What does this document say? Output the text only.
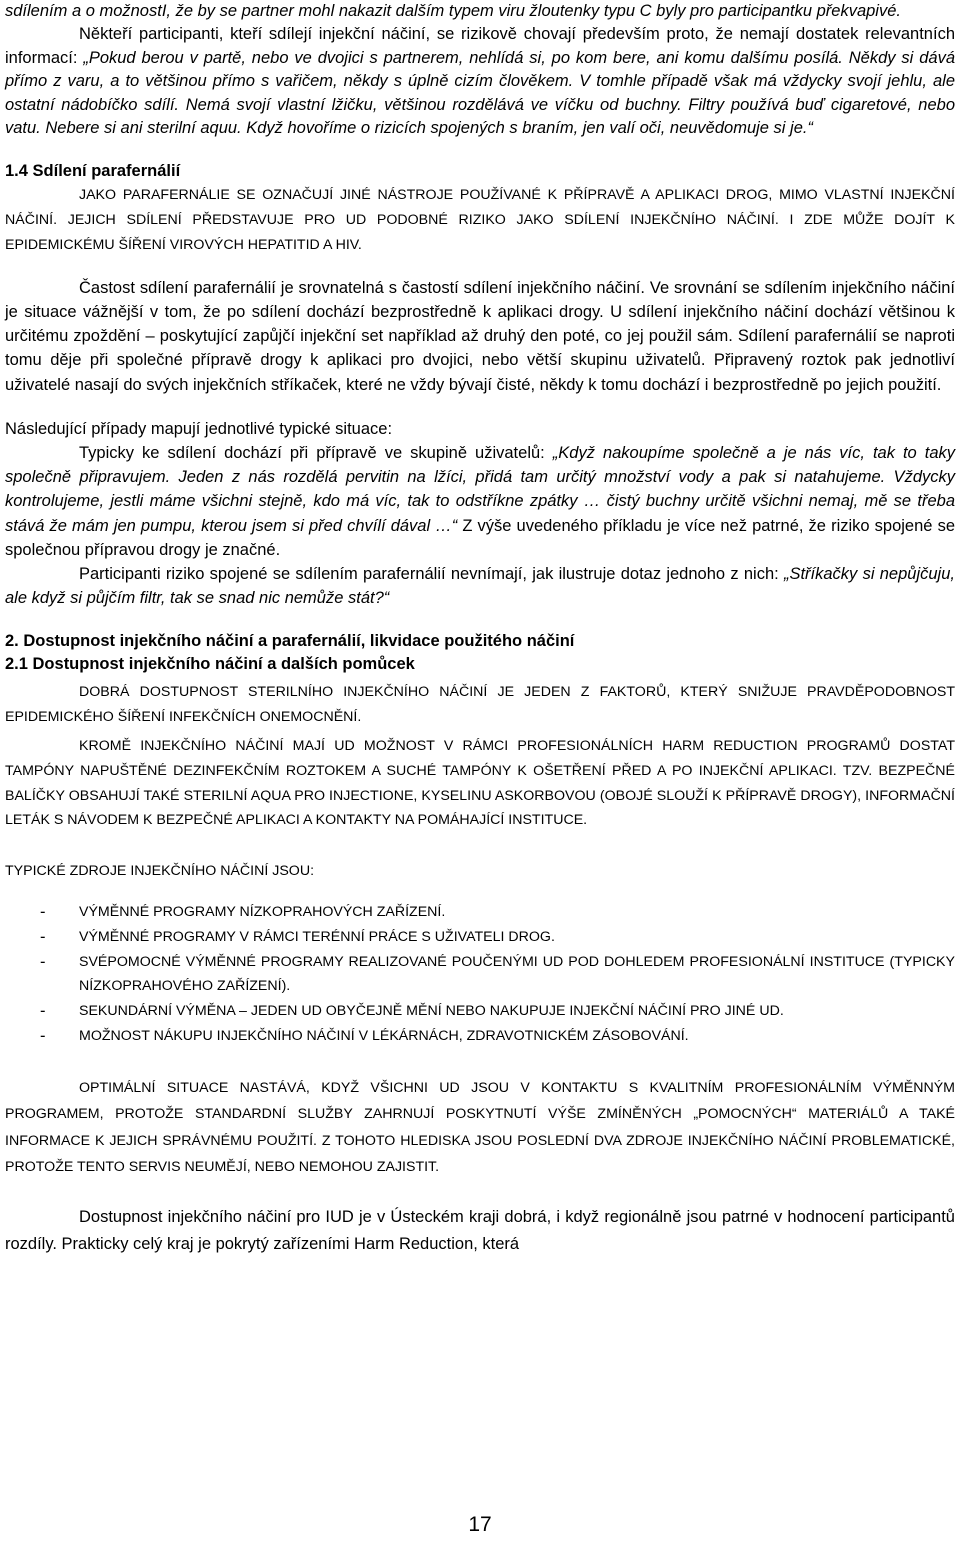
sdílením a o možnostI, že by se partner mohl nakazit dalším typem viru žloutenky typu C byly pro participantku překvapivé.

Někteří participanti, kteří sdílejí injekční náčiní, se rizikově chovají především proto, že nemají dostatek relevantních informací: „Pokud berou v partě, nebo ve dvojici s partnerem, nehlídá si, po kom bere, ani komu dalšímu posílá. Někdy si dává přímo z varu, a to většinou přímo s vařičem, někdy s úplně cizím člověkem. V tomhle případě však má vždycky svojí jehlu, ale ostatní nádobíčko sdílí. Nemá svojí vlastní lžičku, většinou rozdělává ve víčku od buchny. Filtry používá buď cigaretové, nebo vatu. Nebere si ani sterilní aquu. Když hovoříme o rizicích spojených s braním, jen valí oči, neuvědomuje si je.“

1.4 Sdílení parafernálií

JAKO PARAFERNÁLIE SE OZNAČUJÍ JINÉ NÁSTROJE POUŽÍVANÉ K PŘÍPRAVĚ A APLIKACI DROG, MIMO VLASTNÍ INJEKČNÍ NÁČINÍ. JEJICH SDÍLENÍ PŘEDSTAVUJE PRO UD PODOBNÉ RIZIKO JAKO SDÍLENÍ INJEKČNÍHO NÁČINÍ. I ZDE MŮŽE DOJÍT K EPIDEMICKÉMU ŠÍŘENÍ VIROVÝCH HEPATITID A HIV.

Častost sdílení parafernálií je srovnatelná s častostí sdílení injekčního náčiní. Ve srovnání se sdílením injekčního náčiní je situace vážnější v tom, že po sdílení dochází bezprostředně k aplikaci drogy. U sdílení injekčního náčiní dochází většinou k určitému zpoždění – poskytující zapůjčí injekční set například až druhý den poté, co jej použil sám. Sdílení parafernálií se naproti tomu děje při společné přípravě drogy k aplikaci pro dvojici, nebo větší skupinu uživatelů. Připravený roztok pak jednotliví uživatelé nasají do svých injekčních stříkaček, které ne vždy bývají čisté, někdy k tomu dochází i bezprostředně po jejich použití.

Následující případy mapují jednotlivé typické situace:

Typicky ke sdílení dochází při přípravě ve skupině uživatelů: „Když nakoupíme společně a je nás víc, tak to taky společně připravujem. Jeden z nás rozdělá pervitin na lžíci, přidá tam určitý množství vody a pak si natahujeme. Vždycky kontrolujeme, jestli máme všichni stejně, kdo má víc, tak to odstříkne zpátky … čistý buchny určitě všichni nemaj, mě se třeba stává že mám jen pumpu, kterou jsem si před chvílí dával …“ Z výše uvedeného příkladu je více než patrné, že riziko spojené se společnou přípravou drogy je značné.

Participanti riziko spojené se sdílením parafernálií nevnímají, jak ilustruje dotaz jednoho z nich: „Stříkačky si nepůjčuju, ale když si půjčím filtr, tak se snad nic nemůže stát?“

2. Dostupnost injekčního náčiní a parafernálií, likvidace použitého náčiní
2.1 Dostupnost injekčního náčiní a dalších pomůcek

DOBRÁ DOSTUPNOST STERILNÍHO INJEKČNÍHO NÁČINÍ JE JEDEN Z FAKTORŮ, KTERÝ SNIŽUJE PRAVDĚPODOBNOST EPIDEMICKÉHO ŠÍŘENÍ INFEKČNÍCH ONEMOCNĚNÍ.

KROMĚ INJEKČNÍHO NÁČINÍ MAJÍ UD MOŽNOST V RÁMCI PROFESIONÁLNÍCH HARM REDUCTION PROGRAMŮ DOSTAT TAMPÓNY NAPUŠTĚNÉ DEZINFEKČNÍM ROZTOKEM A SUCHÉ TAMPÓNY K OŠETŘENÍ PŘED A PO INJEKČNÍ APLIKACI. TZV. BEZPEČNÉ BALÍČKY OBSAHUJÍ TAKÉ STERILNÍ AQUA PRO INJECTIONE, KYSELINU ASKORBOVOU (OBOJÉ SLOUŽÍ K PŘÍPRAVĚ DROGY), INFORMAČNÍ LETÁK S NÁVODEM K BEZPEČNÉ APLIKACI A KONTAKTY NA POMÁHAJÍCÍ INSTITUCE.

TYPICKÉ ZDROJE INJEKČNÍHO NÁČINÍ JSOU:

- VÝMĚNNÉ PROGRAMY NÍZKOPRAHOVÝCH ZAŘÍZENÍ.
- VÝMĚNNÉ PROGRAMY V RÁMCI TERÉNNÍ PRÁCE S UŽIVATELI DROG.
- SVÉPOMOCNÉ VÝMĚNNÉ PROGRAMY REALIZOVANÉ POUČENÝMI UD POD DOHLEDEM PROFESIONÁLNÍ INSTITUCE (TYPICKY NÍZKOPRAHOVÉHO ZAŘÍZENÍ).
- SEKUNDÁRNÍ VÝMĚNA – JEDEN UD OBYČEJNĚ MĚNÍ NEBO NAKUPUJE INJEKČNÍ NÁČINÍ PRO JINÉ UD.
- MOŽNOST NÁKUPU INJEKČNÍHO NÁČINÍ V LÉKÁRNÁCH, ZDRAVOTNICKÉM ZÁSOBOVÁNÍ.

OPTIMÁLNÍ SITUACE NASTÁVÁ, KDYŽ VŠICHNI UD JSOU V KONTAKTU S KVALITNÍM PROFESIONÁLNÍM VÝMĚNNÝM PROGRAMEM, PROTOŽE STANDARDNÍ SLUŽBY ZAHRNUJÍ POSKYTNUTÍ VÝŠE ZMÍNĚNÝCH „POMOCNÝCH“ MATERIÁLŮ A TAKÉ INFORMACE K JEJICH SPRÁVNÉMU POUŽITÍ. Z TOHOTO HLEDISKA JSOU POSLEDNÍ DVA ZDROJE INJEKČNÍHO NÁČINÍ PROBLEMATICKÉ, PROTOŽE TENTO SERVIS NEUMĚJÍ, NEBO NEMOHOU ZAJISTIT.

Dostupnost injekčního náčiní pro IUD je v Ústeckém kraji dobrá, i když regionálně jsou patrné v hodnocení participantů rozdíly. Prakticky celý kraj je pokrytý zařízeními Harm Reduction, která

17
